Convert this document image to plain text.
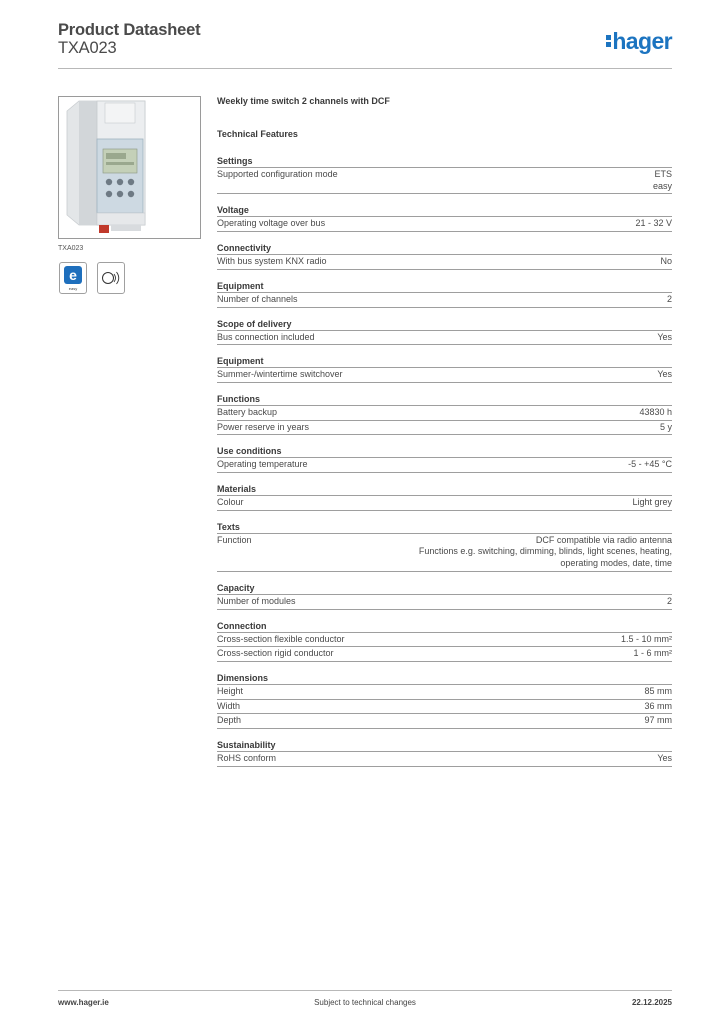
Product Datasheet
TXA023	hager
TXA023
e
easy
Weekly time switch 2 channels with DCF
Technical Features
Settings
Supported configuration mode	ETS
easy
Voltage
Operating voltage over bus	21 - 32 V
Connectivity
With bus system KNX radio	No
Equipment
Number of channels	2
Scope of delivery
Bus connection included	Yes
Equipment
Summer-/wintertime switchover	Yes
Functions
Battery backup	43830 h
Power reserve in years	5 y
Use conditions
Operating temperature	-5 - +45 °C
Materials
Colour	Light grey
Texts
Function	DCF compatible via radio antenna
Functions e.g. switching, dimming, blinds, light scenes, heating,
operating modes, date, time
Capacity
Number of modules	2
Connection
Cross-section flexible conductor	1.5 - 10 mm²
Cross-section rigid conductor	1 - 6 mm²
Dimensions
Height	85 mm
Width	36 mm
Depth	97 mm
Sustainability
RoHS conform	Yes
www.hager.ie	Subject to technical changes	22.12.2025
